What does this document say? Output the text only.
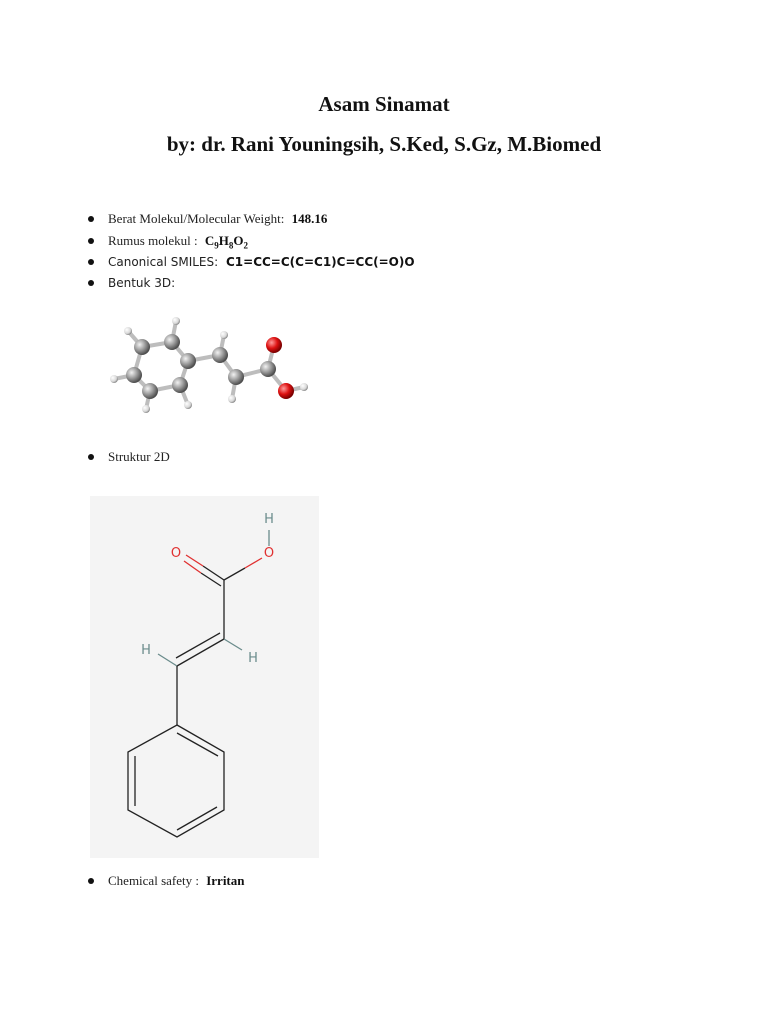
Asam Sinamat
by: dr. Rani Youningsih, S.Ked, S.Gz, M.Biomed
Berat Molekul/Molecular Weight: 148.16
Rumus molekul : $C_9H_8O_2$
Canonical SMILES: C1=CC=C(C=C1)C=CC(=O)O
Bentuk 3D:
Struktur 2D
H
O
O
H
H
Chemical safety : Irritan
